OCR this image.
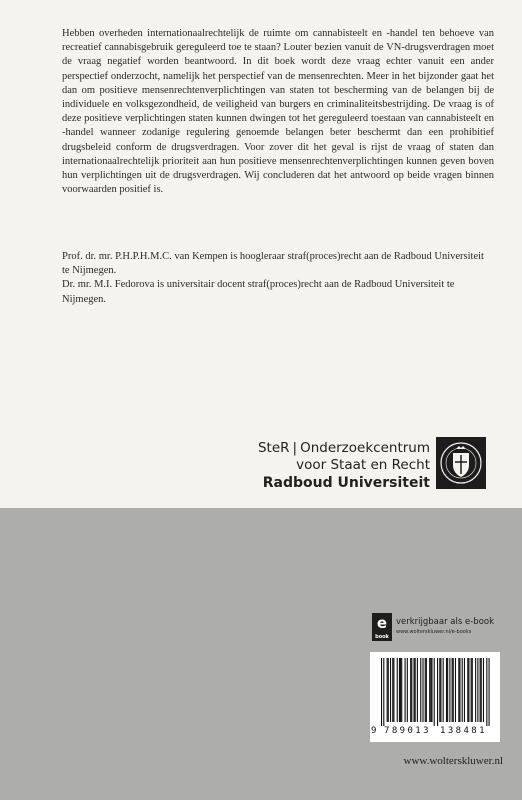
Hebben overheden internationaalrechtelijk de ruimte om cannabisteelt en -handel ten behoeve van recreatief cannabisgebruik gereguleerd toe te staan? Louter bezien vanuit de VN-drugsverdragen moet de vraag negatief worden beantwoord. In dit boek wordt deze vraag echter vanuit een ander perspectief onderzocht, namelijk het perspectief van de mensenrechten. Meer in het bijzonder gaat het dan om positieve mensenrechtenverplichtingen van staten tot bescherming van de belangen bij de individuele en volksgezondheid, de veiligheid van burgers en criminaliteitsbestrijding. De vraag is of deze positieve verplichtingen staten kunnen dwingen tot het gereguleerd toestaan van cannabisteelt en -handel wanneer zodanige regulering genoemde belangen beter beschermt dan een prohibitief drugsbeleid conform de drugsverdragen. Voor zover dit het geval is rijst de vraag of staten dan internationaalrechtelijk prioriteit aan hun positieve mensenrechtenverplichtingen kunnen geven boven hun verplichtingen uit de drugsverdragen. Wij concluderen dat het antwoord op beide vragen binnen voorwaarden positief is.

Prof. dr. mr. P.H.P.H.M.C. van Kempen is hoogleraar straf(proces)recht aan de Radboud Universiteit te Nijmegen.
Dr. mr. M.I. Fedorova is universitair docent straf(proces)recht aan de Radboud Universiteit te Nijmegen.
SteR | Onderzoekcentrum
voor Staat en Recht
Radboud Universiteit
e
book
verkrijgbaar als e-book
www.wolterskluwer.nl/e-books
9 789013 138481
www.wolterskluwer.nl
